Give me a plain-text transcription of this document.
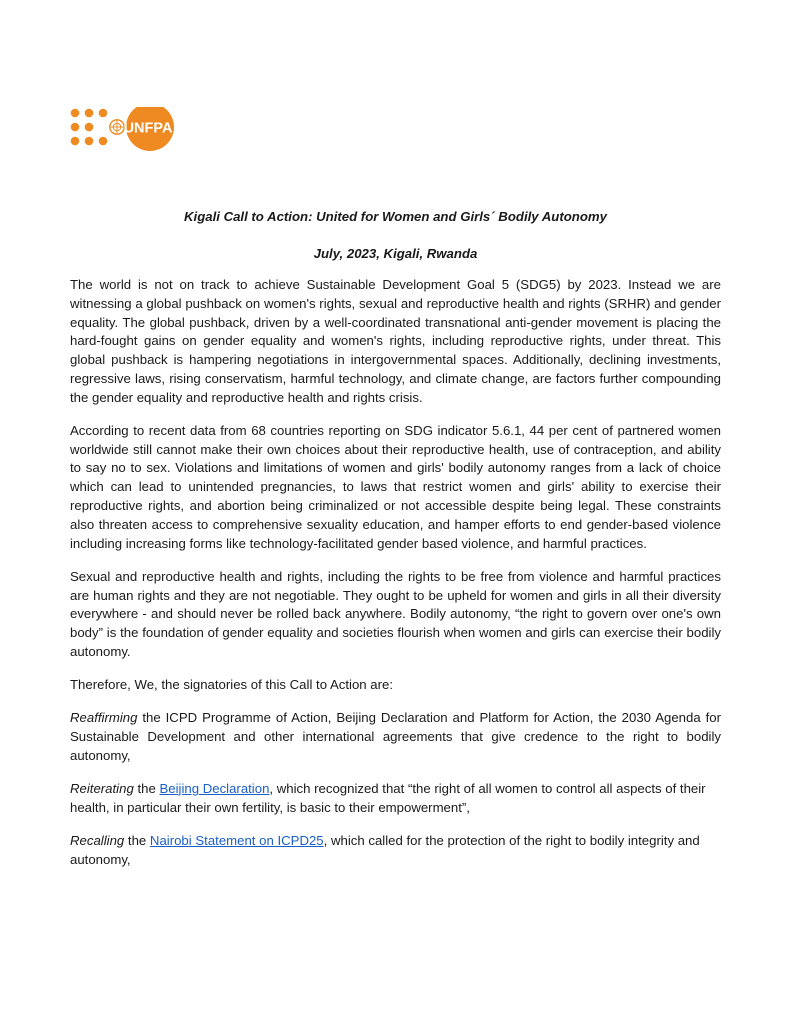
UNFPA
Kigali Call to Action: United for Women and Girls´ Bodily Autonomy
July, 2023, Kigali, Rwanda

The world is not on track to achieve Sustainable Development Goal 5 (SDG5) by 2023. Instead we are witnessing a global pushback on women's rights, sexual and reproductive health and rights (SRHR) and gender equality. The global pushback, driven by a well-coordinated transnational anti-gender movement is placing the hard-fought gains on gender equality and women's rights, including reproductive rights, under threat. This global pushback is hampering negotiations in intergovernmental spaces. Additionally, declining investments, regressive laws, rising conservatism, harmful technology, and climate change, are factors further compounding the gender equality and reproductive health and rights crisis.

According to recent data from 68 countries reporting on SDG indicator 5.6.1, 44 per cent of partnered women worldwide still cannot make their own choices about their reproductive health, use of contraception, and ability to say no to sex. Violations and limitations of women and girls' bodily autonomy ranges from a lack of choice which can lead to unintended pregnancies, to laws that restrict women and girls' ability to exercise their reproductive rights, and abortion being criminalized or not accessible despite being legal. These constraints also threaten access to comprehensive sexuality education, and hamper efforts to end gender-based violence including increasing forms like technology-facilitated gender based violence, and harmful practices.

Sexual and reproductive health and rights, including the rights to be free from violence and harmful practices are human rights and they are not negotiable. They ought to be upheld for women and girls in all their diversity everywhere - and should never be rolled back anywhere. Bodily autonomy, “the right to govern over one's own body” is the foundation of gender equality and societies flourish when women and girls can exercise their bodily autonomy.

Therefore, We, the signatories of this Call to Action are:

Reaffirming the ICPD Programme of Action, Beijing Declaration and Platform for Action, the 2030 Agenda for Sustainable Development and other international agreements that give credence to the right to bodily autonomy,

Reiterating the Beijing Declaration, which recognized that “the right of all women to control all aspects of their health, in particular their own fertility, is basic to their empowerment”,

Recalling the Nairobi Statement on ICPD25, which called for the protection of the right to bodily integrity and autonomy,
